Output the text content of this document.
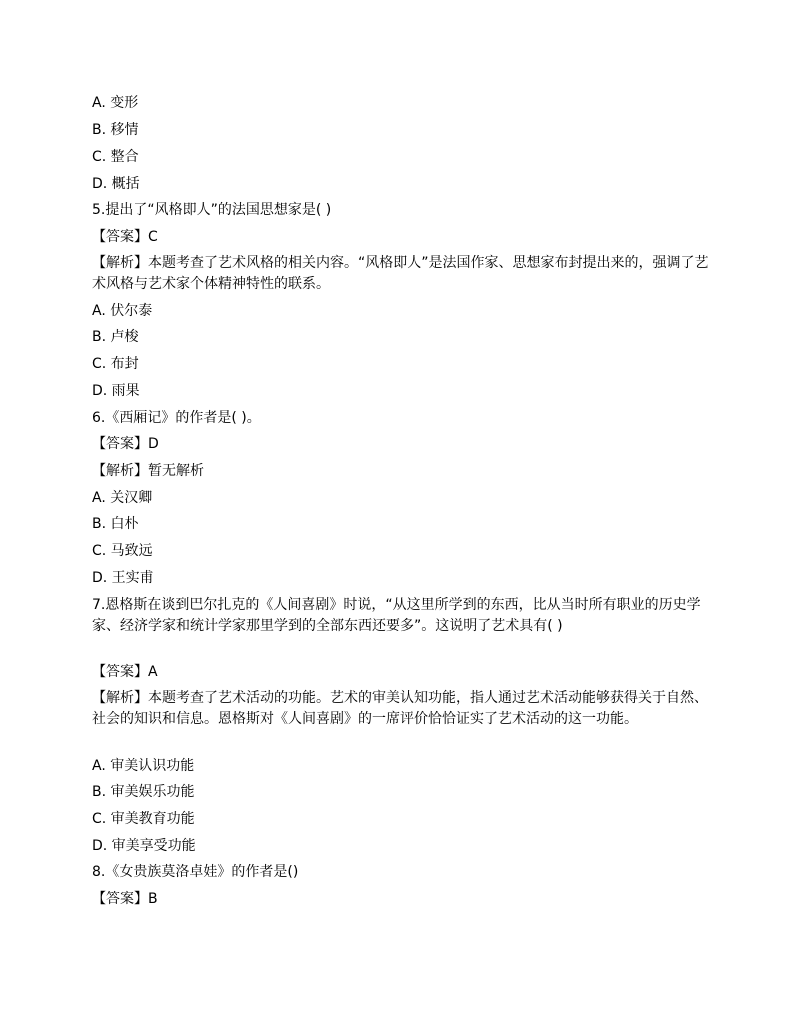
A. 变形
B. 移情
C. 整合
D. 概括
5.提出了“风格即人”的法国思想家是( )
【答案】C
【解析】本题考查了艺术风格的相关内容。“风格即人”是法国作家、思想家布封提出来的，强调了艺术风格与艺术家个体精神特性的联系。
A. 伏尔泰
B. 卢梭
C. 布封
D. 雨果
6.《西厢记》的作者是( )。
【答案】D
【解析】暂无解析
A. 关汉卿
B. 白朴
C. 马致远
D. 王实甫
7.恩格斯在谈到巴尔扎克的《人间喜剧》时说，“从这里所学到的东西，比从当时所有职业的历史学家、经济学家和统计学家那里学到的全部东西还要多”。这说明了艺术具有( )
【答案】A
【解析】本题考查了艺术活动的功能。艺术的审美认知功能，指人通过艺术活动能够获得关于自然、社会的知识和信息。恩格斯对《人间喜剧》的一席评价恰恰证实了艺术活动的这一功能。
A. 审美认识功能
B. 审美娱乐功能
C. 审美教育功能
D. 审美享受功能
8.《女贵族莫洛卓娃》的作者是()
【答案】B
